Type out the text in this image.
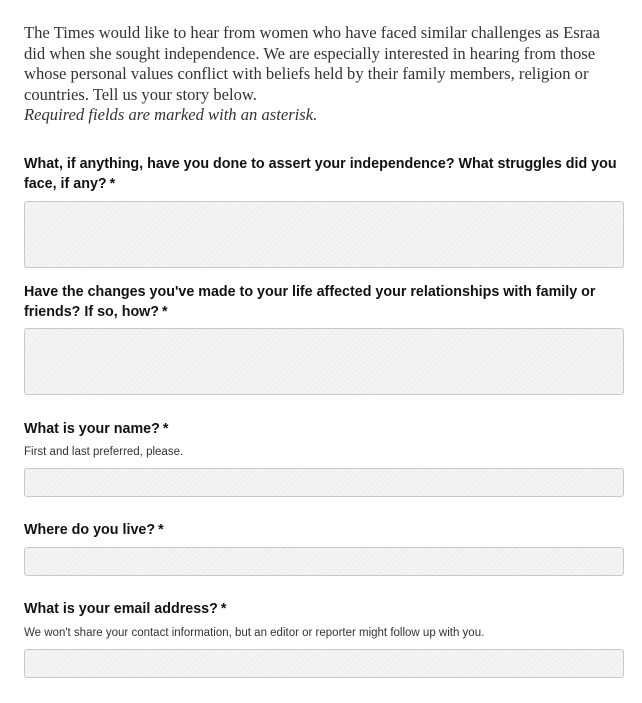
The Times would like to hear from women who have faced similar challenges as Esraa did when she sought independence. We are especially interested in hearing from those whose personal values conflict with beliefs held by their family members, religion or countries. Tell us your story below.
Required fields are marked with an asterisk.
What, if anything, have you done to assert your independence? What struggles did you face, if any? *
Have the changes you've made to your life affected your relationships with family or friends? If so, how? *
What is your name? *
First and last preferred, please.
Where do you live? *
What is your email address? *
We won't share your contact information, but an editor or reporter might follow up with you.
